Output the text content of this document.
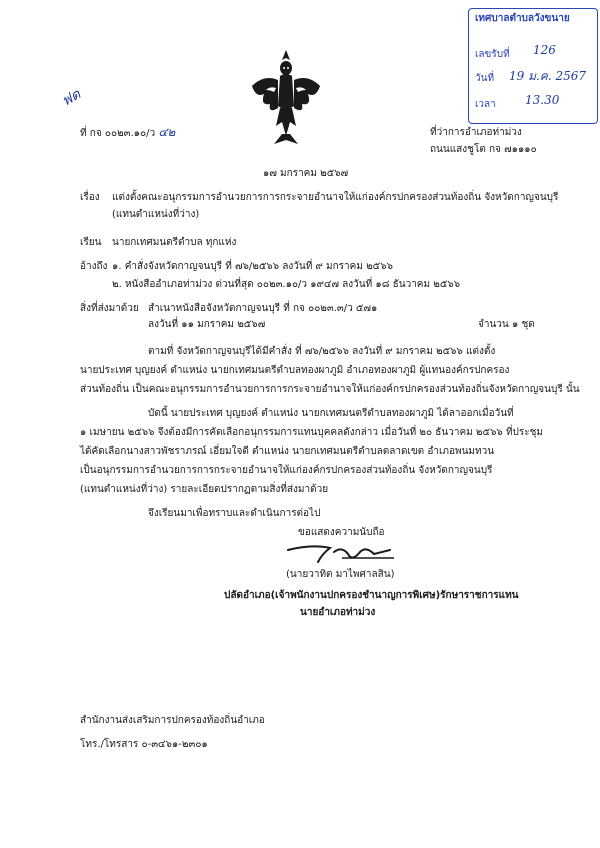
ฟด
เทศบาลตำบลวังขนาย
เลขรับที่ 126
วันที่ 19 ม.ค. 2567
เวลา 13.30
ที่ กจ ๐๐๒๓.๑๐/ว ๔๒	ที่ว่าการอำเภอท่าม่วง
ถนนแสงชูโต กจ ๗๑๑๑๐
๑๗ มกราคม ๒๕๖๗
เรื่อง แต่งตั้งคณะอนุกรรมการอำนวยการการกระจายอำนาจให้แก่องค์กรปกครองส่วนท้องถิ่น จังหวัดกาญจนบุรี
(แทนตำแหน่งที่ว่าง)
เรียน นายกเทศมนตรีตำบล ทุกแห่ง
อ้างถึง ๑. คำสั่งจังหวัดกาญจนบุรี ที่ ๗๖/๒๕๖๖ ลงวันที่ ๙ มกราคม ๒๕๖๖
๒. หนังสืออำเภอท่าม่วง ด่วนที่สุด ๐๐๒๓.๑๐/ว ๑๙๔๗ ลงวันที่ ๑๘ ธันวาคม ๒๕๖๖
สิ่งที่ส่งมาด้วย สำเนาหนังสือจังหวัดกาญจนบุรี ที่ กจ ๐๐๒๓.๓/ว ๕๗๑
ลงวันที่ ๑๑ มกราคม ๒๕๖๗	จำนวน ๑ ชุด
ตามที่ จังหวัดกาญจนบุรีได้มีคำสั่ง ที่ ๗๖/๒๕๖๖ ลงวันที่ ๙ มกราคม ๒๕๖๖ แต่งตั้ง
นายประเทศ บุญยงค์ ตำแหน่ง นายกเทศมนตรีตำบลทองผาภูมิ อำเภอทองผาภูมิ ผู้แทนองค์กรปกครอง
ส่วนท้องถิ่น เป็นคณะอนุกรรมการอำนวยการการกระจายอำนาจให้แก่องค์กรปกครองส่วนท้องถิ่นจังหวัดกาญจนบุรี นั้น
บัดนี้ นายประเทศ บุญยงค์ ตำแหน่ง นายกเทศมนตรีตำบลทองผาภูมิ ได้ลาออกเมื่อวันที่
๑ เมษายน ๒๕๖๖ จึงต้องมีการคัดเลือกอนุกรรมการแทนบุคคลดังกล่าว เมื่อวันที่ ๒๐ ธันวาคม ๒๕๖๖ ที่ประชุม
ได้คัดเลือกนางสาวพัชราภรณ์ เอี่ยมใจดี ตำแหน่ง นายกเทศมนตรีตำบลตลาดเขต อำเภอพนมทวน
เป็นอนุกรรมการอำนวยการการกระจายอำนาจให้แก่องค์กรปกครองส่วนท้องถิ่น จังหวัดกาญจนบุรี
(แทนตำแหน่งที่ว่าง) รายละเอียดปรากฏตามสิ่งที่ส่งมาด้วย
จึงเรียนมาเพื่อทราบและดำเนินการต่อไป
ขอแสดงความนับถือ
(นายวาทิต มาไพศาลสิน)
ปลัดอำเภอ(เจ้าพนักงานปกครองชำนาญการพิเศษ)รักษาราชการแทน
นายอำเภอท่าม่วง
สำนักงานส่งเสริมการปกครองท้องถิ่นอำเภอ
โทร./โทรสาร ๐-๓๔๖๑-๒๓๐๑
